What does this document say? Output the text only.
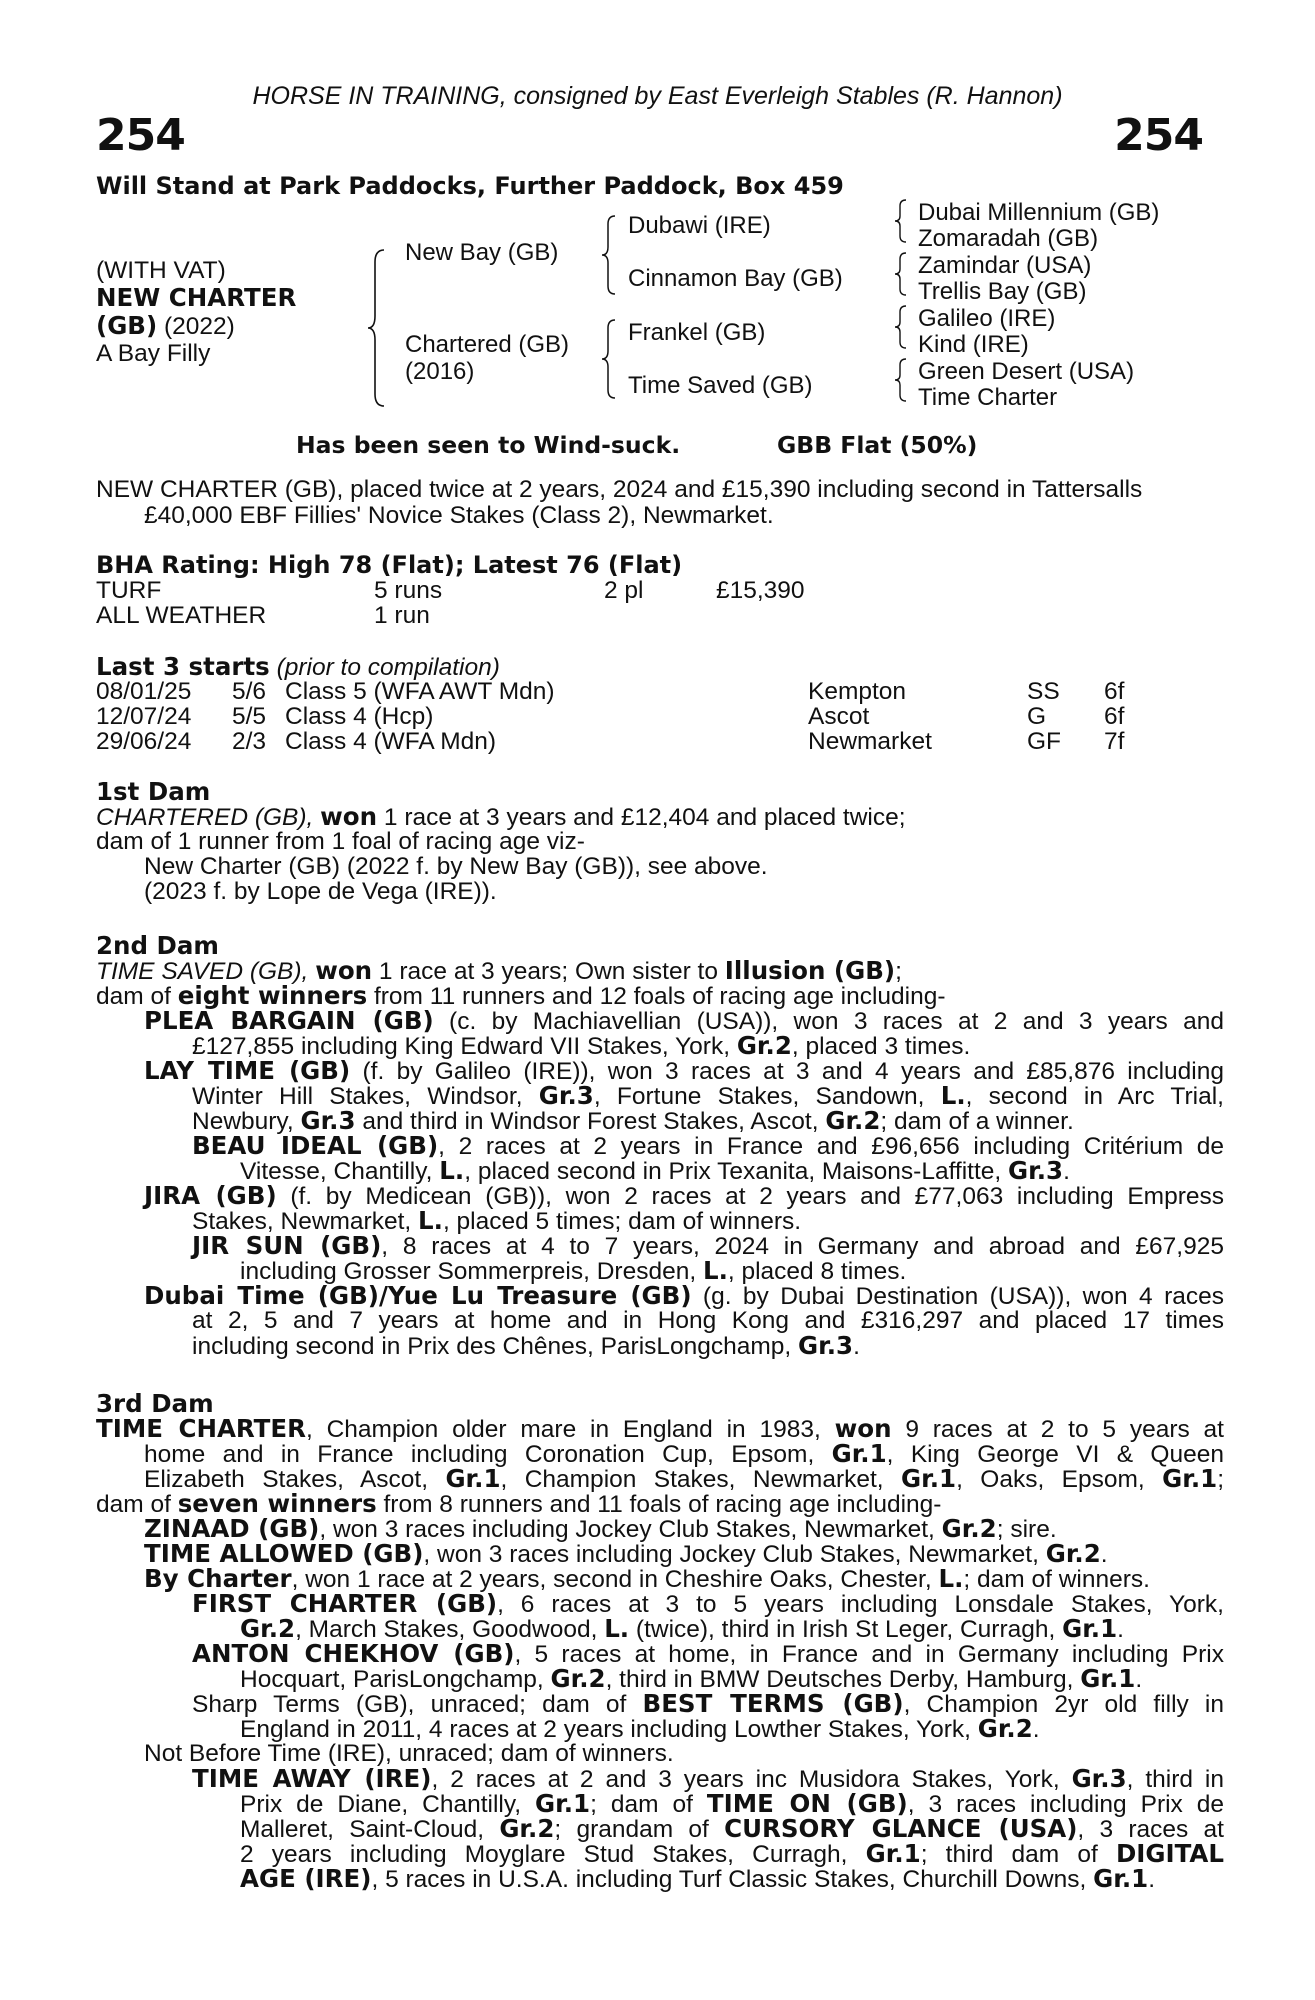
HORSE IN TRAINING, consigned by East Everleigh Stables (R. Hannon)
254	254
Will Stand at Park Paddocks, Further Paddock, Box 459
(WITH VAT)
NEW CHARTER
(GB) (2022)
A Bay Filly
New Bay (GB)
Chartered (GB)
(2016)
Dubawi (IRE)
Cinnamon Bay (GB)
Frankel (GB)
Time Saved (GB)
Dubai Millennium (GB)
Zomaradah (GB)
Zamindar (USA)
Trellis Bay (GB)
Galileo (IRE)
Kind (IRE)
Green Desert (USA)
Time Charter
Has been seen to Wind-suck.	GBB Flat (50%)
NEW CHARTER (GB), placed twice at 2 years, 2024 and £15,390 including second in Tattersalls
£40,000 EBF Fillies' Novice Stakes (Class 2), Newmarket.
BHA Rating: High 78 (Flat); Latest 76 (Flat)
TURF	5 runs	2 pl	£15,390
ALL WEATHER	1 run
Last 3 starts (prior to compilation)
08/01/25 5/6 Class 5 (WFA AWT Mdn)	Kempton	SS 6f
12/07/24 5/5 Class 4 (Hcp)	Ascot	G 6f
29/06/24 2/3 Class 4 (WFA Mdn)	Newmarket	GF 7f
1st Dam
CHARTERED (GB), won 1 race at 3 years and £12,404 and placed twice;
dam of 1 runner from 1 foal of racing age viz-
New Charter (GB) (2022 f. by New Bay (GB)), see above.
(2023 f. by Lope de Vega (IRE)).
2nd Dam
TIME SAVED (GB), won 1 race at 3 years; Own sister to Illusion (GB);
dam of eight winners from 11 runners and 12 foals of racing age including-
PLEA BARGAIN (GB) (c. by Machiavellian (USA)), won 3 races at 2 and 3 years and
£127,855 including King Edward VII Stakes, York, Gr.2, placed 3 times.
LAY TIME (GB) (f. by Galileo (IRE)), won 3 races at 3 and 4 years and £85,876 including
Winter Hill Stakes, Windsor, Gr.3, Fortune Stakes, Sandown, L., second in Arc Trial,
Newbury, Gr.3 and third in Windsor Forest Stakes, Ascot, Gr.2; dam of a winner.
BEAU IDEAL (GB), 2 races at 2 years in France and £96,656 including Critérium de
Vitesse, Chantilly, L., placed second in Prix Texanita, Maisons-Laffitte, Gr.3.
JIRA (GB) (f. by Medicean (GB)), won 2 races at 2 years and £77,063 including Empress
Stakes, Newmarket, L., placed 5 times; dam of winners.
JIR SUN (GB), 8 races at 4 to 7 years, 2024 in Germany and abroad and £67,925
including Grosser Sommerpreis, Dresden, L., placed 8 times.
Dubai Time (GB)/Yue Lu Treasure (GB) (g. by Dubai Destination (USA)), won 4 races
at 2, 5 and 7 years at home and in Hong Kong and £316,297 and placed 17 times
including second in Prix des Chênes, ParisLongchamp, Gr.3.
3rd Dam
TIME CHARTER, Champion older mare in England in 1983, won 9 races at 2 to 5 years at
home and in France including Coronation Cup, Epsom, Gr.1, King George VI & Queen
Elizabeth Stakes, Ascot, Gr.1, Champion Stakes, Newmarket, Gr.1, Oaks, Epsom, Gr.1;
dam of seven winners from 8 runners and 11 foals of racing age including-
ZINAAD (GB), won 3 races including Jockey Club Stakes, Newmarket, Gr.2; sire.
TIME ALLOWED (GB), won 3 races including Jockey Club Stakes, Newmarket, Gr.2.
By Charter, won 1 race at 2 years, second in Cheshire Oaks, Chester, L.; dam of winners.
FIRST CHARTER (GB), 6 races at 3 to 5 years including Lonsdale Stakes, York,
Gr.2, March Stakes, Goodwood, L. (twice), third in Irish St Leger, Curragh, Gr.1.
ANTON CHEKHOV (GB), 5 races at home, in France and in Germany including Prix
Hocquart, ParisLongchamp, Gr.2, third in BMW Deutsches Derby, Hamburg, Gr.1.
Sharp Terms (GB), unraced; dam of BEST TERMS (GB), Champion 2yr old filly in
England in 2011, 4 races at 2 years including Lowther Stakes, York, Gr.2.
Not Before Time (IRE), unraced; dam of winners.
TIME AWAY (IRE), 2 races at 2 and 3 years inc Musidora Stakes, York, Gr.3, third in
Prix de Diane, Chantilly, Gr.1; dam of TIME ON (GB), 3 races including Prix de
Malleret, Saint-Cloud, Gr.2; grandam of CURSORY GLANCE (USA), 3 races at
2 years including Moyglare Stud Stakes, Curragh, Gr.1; third dam of DIGITAL
AGE (IRE), 5 races in U.S.A. including Turf Classic Stakes, Churchill Downs, Gr.1.
